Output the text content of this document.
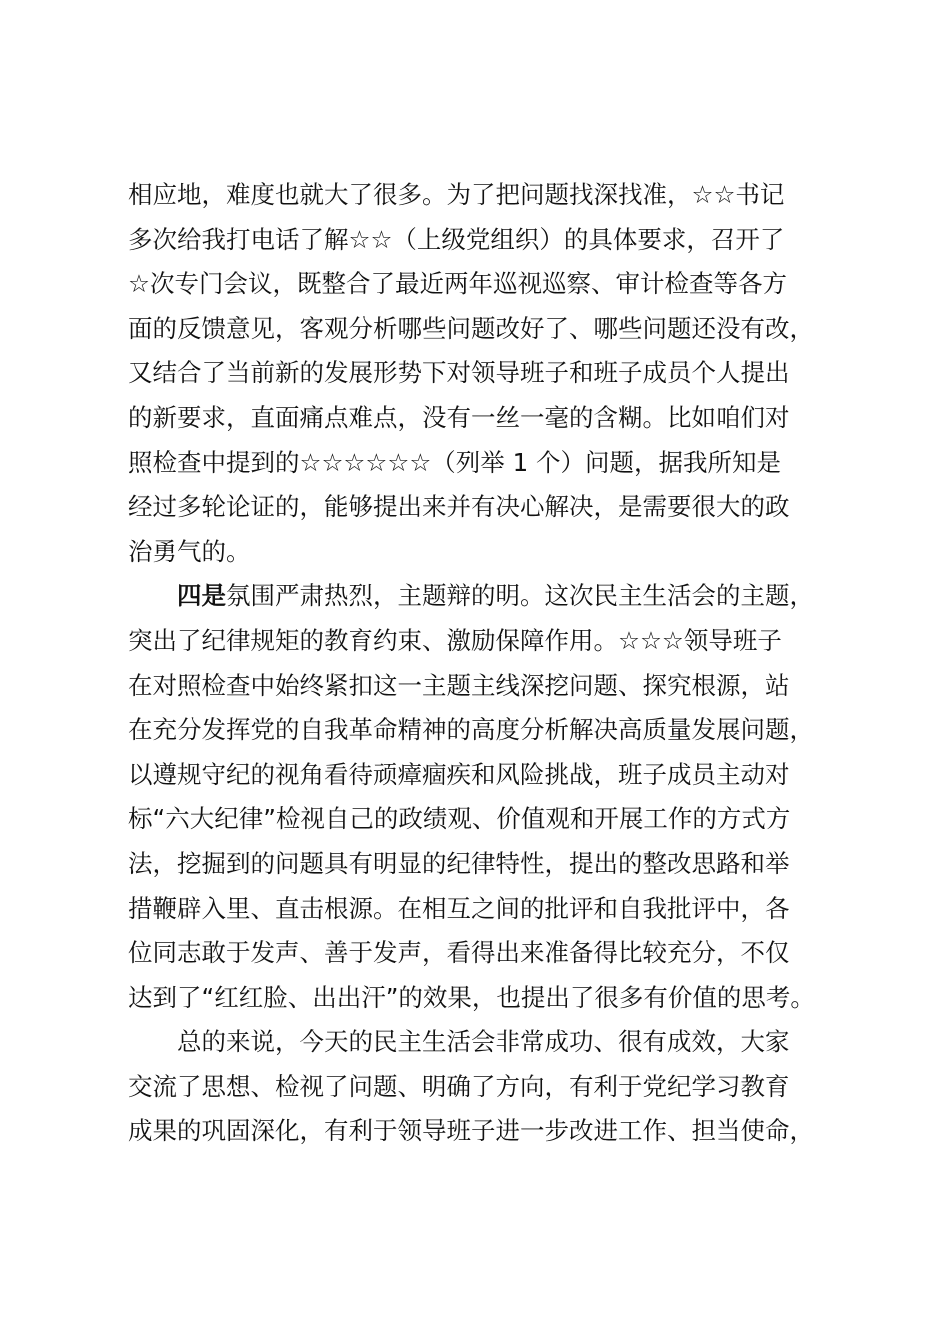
相应地，难度也就大了很多。为了把问题找深找准，☆☆书记
多次给我打电话了解☆☆（上级党组织）的具体要求，召开了
☆次专门会议，既整合了最近两年巡视巡察、审计检查等各方
面的反馈意见，客观分析哪些问题改好了、哪些问题还没有改，
又结合了当前新的发展形势下对领导班子和班子成员个人提出
的新要求，直面痛点难点，没有一丝一毫的含糊。比如咱们对
照检查中提到的☆☆☆☆☆☆（列举 1 个）问题，据我所知是
经过多轮论证的，能够提出来并有决心解决，是需要很大的政
治勇气的。
四是氛围严肃热烈，主题辩的明。这次民主生活会的主题，
突出了纪律规矩的教育约束、激励保障作用。☆☆☆领导班子
在对照检查中始终紧扣这一主题主线深挖问题、探究根源，站
在充分发挥党的自我革命精神的高度分析解决高质量发展问题，
以遵规守纪的视角看待顽瘴痼疾和风险挑战，班子成员主动对
标“六大纪律”检视自己的政绩观、价值观和开展工作的方式方
法，挖掘到的问题具有明显的纪律特性，提出的整改思路和举
措鞭辟入里、直击根源。在相互之间的批评和自我批评中，各
位同志敢于发声、善于发声，看得出来准备得比较充分，不仅
达到了“红红脸、出出汗”的效果，也提出了很多有价值的思考。
总的来说，今天的民主生活会非常成功、很有成效，大家
交流了思想、检视了问题、明确了方向，有利于党纪学习教育
成果的巩固深化，有利于领导班子进一步改进工作、担当使命，
